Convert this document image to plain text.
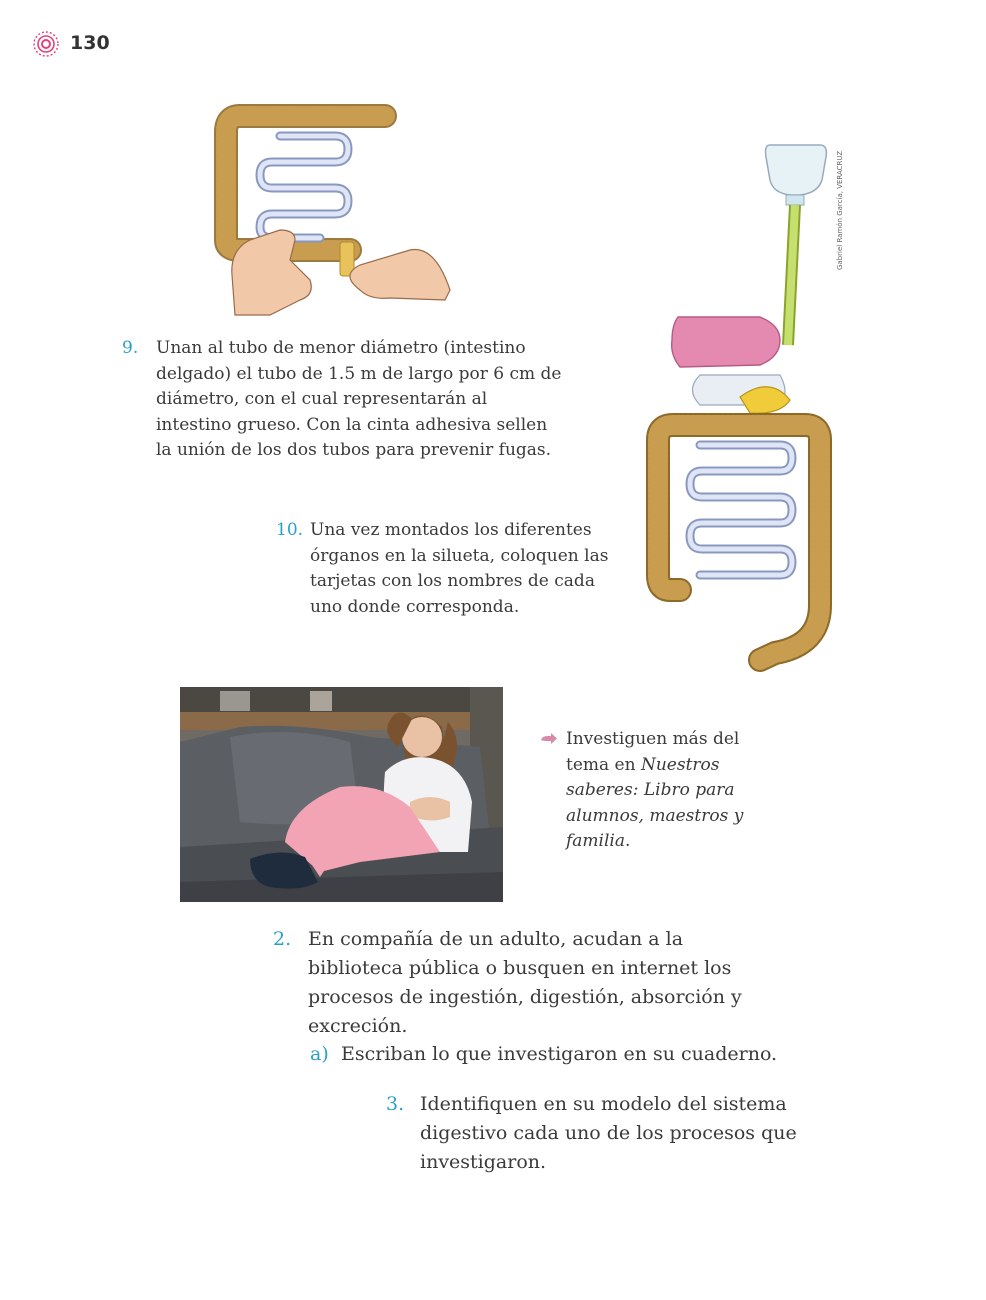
130
Gabriel Ramón García, VERACRUZ
9.	Unan al tubo de menor diámetro (intestino delgado) el tubo de 1.5 m de largo por 6 cm de diámetro, con el cual representarán al intestino grueso. Con la cinta adhesiva sellen la unión de los dos tubos para prevenir fugas.
10. Una vez montados los diferentes órganos en la silueta, coloquen las tarjetas con los nombres de cada uno donde corresponda.
Investiguen más del tema en Nuestros saberes: Libro para alumnos, maestros y familia.
2. En compañía de un adulto, acudan a la biblioteca pública o busquen en internet los procesos de ingestión, digestión, absorción y excreción.
a) Escriban lo que investigaron en su cuaderno.
3. Identifiquen en su modelo del sistema digestivo cada uno de los procesos que investigaron.
